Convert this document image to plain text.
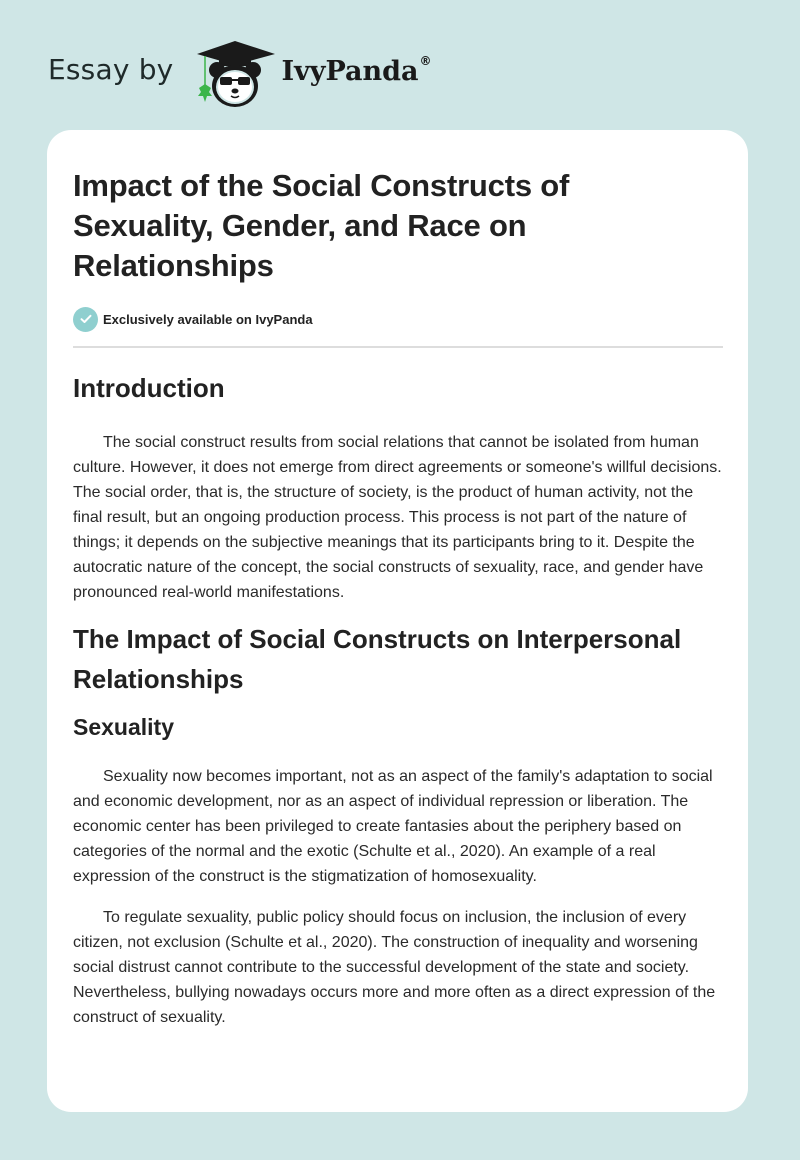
Essay by	IvyPanda®
Impact of the Social Constructs of Sexuality, Gender, and Race on Relationships
Exclusively available on IvyPanda
Introduction

The social construct results from social relations that cannot be isolated from human culture. However, it does not emerge from direct agreements or someone's willful decisions. The social order, that is, the structure of society, is the product of human activity, not the final result, but an ongoing production process. This process is not part of the nature of things; it depends on the subjective meanings that its participants bring to it. Despite the autocratic nature of the concept, the social constructs of sexuality, race, and gender have pronounced real-world manifestations.

The Impact of Social Constructs on Interpersonal Relationships
Sexuality

Sexuality now becomes important, not as an aspect of the family's adaptation to social and economic development, nor as an aspect of individual repression or liberation. The economic center has been privileged to create fantasies about the periphery based on categories of the normal and the exotic (Schulte et al., 2020). An example of a real expression of the construct is the stigmatization of homosexuality.

To regulate sexuality, public policy should focus on inclusion, the inclusion of every citizen, not exclusion (Schulte et al., 2020). The construction of inequality and worsening social distrust cannot contribute to the successful development of the state and society. Nevertheless, bullying nowadays occurs more and more often as a direct expression of the construct of sexuality.
